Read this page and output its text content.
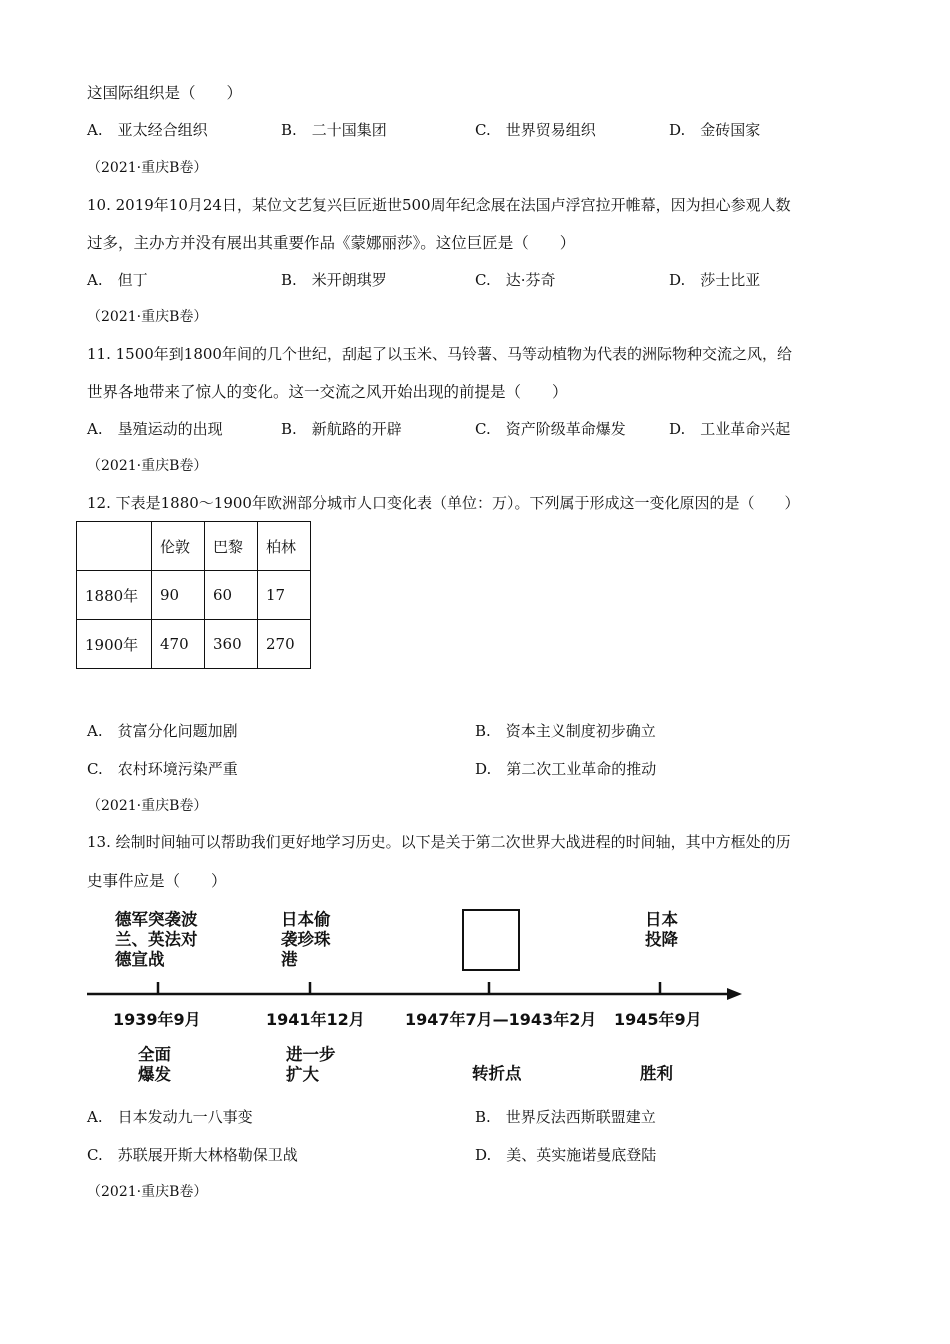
这国际组织是（　　）
A.　亚太经合组织	B.　二十国集团	C.　世界贸易组织	D.　金砖国家
（2021·重庆B卷）
10. 2019年10月24日，某位文艺复兴巨匠逝世500周年纪念展在法国卢浮宫拉开帷幕，因为担心参观人数
过多，主办方并没有展出其重要作品《蒙娜丽莎》。这位巨匠是（　　）
A.　但丁	B.　米开朗琪罗	C.　达·芬奇	D.　莎士比亚
（2021·重庆B卷）
11. 1500年到1800年间的几个世纪，刮起了以玉米、马铃薯、马等动植物为代表的洲际物种交流之风，给
世界各地带来了惊人的变化。这一交流之风开始出现的前提是（　　）
A.　垦殖运动的出现	B.　新航路的开辟	C.　资产阶级革命爆发	D.　工业革命兴起
（2021·重庆B卷）
12. 下表是1880～1900年欧洲部分城市人口变化表（单位：万）。下列属于形成这一变化原因的是（　　）
	伦敦	巴黎	柏林
1880年	90	60	17
1900年	470	360	270
A.　贫富分化问题加剧	B.　资本主义制度初步确立
C.　农村环境污染严重	D.　第二次工业革命的推动
（2021·重庆B卷）
13. 绘制时间轴可以帮助我们更好地学习历史。以下是关于第二次世界大战进程的时间轴，其中方框处的历
史事件应是（　　）
德军突袭波
兰、英法对
德宣战
日本偷
袭珍珠
港
日本
投降
1939年9月	1941年12月	1947年7月—1943年2月 1945年9月
全面
爆发
进一步
扩大	转折点	胜利
A.　日本发动九一八事变	B.　世界反法西斯联盟建立
C.　苏联展开斯大林格勒保卫战	D.　美、英实施诺曼底登陆
（2021·重庆B卷）
